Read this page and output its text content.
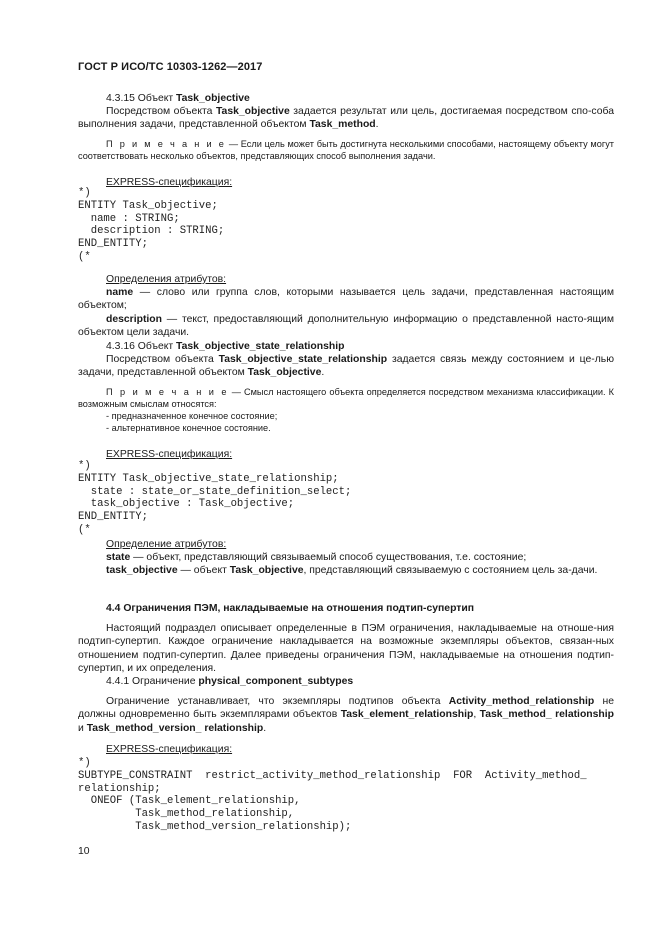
ГОСТ Р ИСО/ТС 10303-1262—2017

4.3.15 Объект Task_objective

Посредством объекта Task_objective задается результат или цель, достигаемая посредством спо-соба выполнения задачи, представленной объектом Task_method.

П р и м е ч а н и е — Если цель может быть достигнута несколькими способами, настоящему объекту могут соответствовать несколько объектов, представляющих способ выполнения задачи.

EXPRESS-спецификация:

*)
ENTITY Task_objective;
name : STRING;
description : STRING;
END_ENTITY;
(*

Определения атрибутов:

name — слово или группа слов, которыми называется цель задачи, представленная настоящим объектом;

description — текст, предоставляющий дополнительную информацию о представленной насто-ящим объектом цели задачи.

4.3.16 Объект Task_objective_state_relationship

Посредством объекта Task_objective_state_relationship задается связь между состоянием и це-лью задачи, представленной объектом Task_objective.

П р и м е ч а н и е — Смысл настоящего объекта определяется посредством механизма классификации. К возможным смыслам относятся:

- предназначенное конечное состояние;

- альтернативное конечное состояние.

EXPRESS-спецификация:

*)
ENTITY Task_objective_state_relationship;
state : state_or_state_definition_select;
task_objective : Task_objective;
END_ENTITY;
(*

Определение атрибутов:

state — объект, представляющий связываемый способ существования, т.е. состояние;

task_objective — объект Task_objective, представляющий связываемую с состоянием цель за-дачи.

4.4 Ограничения ПЭМ, накладываемые на отношения подтип-супертип

Настоящий подраздел описывает определенные в ПЭМ ограничения, накладываемые на отноше-ния подтип-супертип. Каждое ограничение накладывается на возможные экземпляры объектов, связан-ных отношением подтип-супертип. Далее приведены ограничения ПЭМ, накладываемые на отношения подтип-супертип, и их определения.

4.4.1 Ограничение physical_component_subtypes

Ограничение устанавливает, что экземпляры подтипов объекта Activity_method_relationship не должны одновременно быть экземплярами объектов Task_element_relationship, Task_method_ relationship и Task_method_version_ relationship.

EXPRESS-спецификация:

*)
SUBTYPE_CONSTRAINT  restrict_activity_method_relationship  FOR  Activity_method_
relationship;
ONEOF (Task_element_relationship,
Task_method_relationship,
Task_method_version_relationship);
10
